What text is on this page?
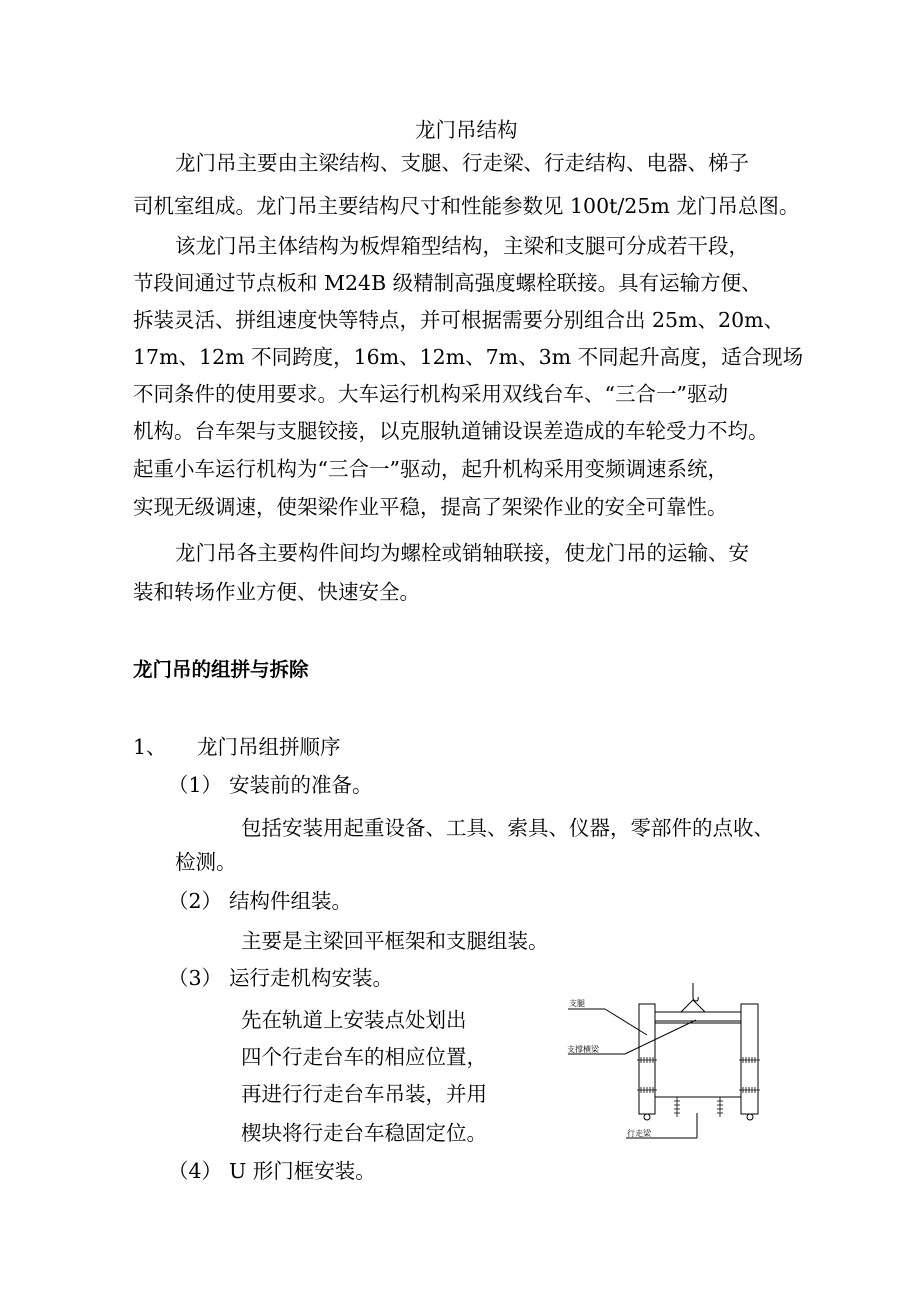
龙门吊结构
龙门吊主要由主梁结构、支腿、行走梁、行走结构、电器、梯子
司机室组成。龙门吊主要结构尺寸和性能参数见 100t/25m 龙门吊总图。
该龙门吊主体结构为板焊箱型结构，主梁和支腿可分成若干段，
节段间通过节点板和 M24B 级精制高强度螺栓联接。具有运输方便、
拆装灵活、拼组速度快等特点，并可根据需要分别组合出 25m、20m、
17m、12m 不同跨度，16m、12m、7m、3m 不同起升高度，适合现场
不同条件的使用要求。大车运行机构采用双线台车、“三合一”驱动
机构。台车架与支腿铰接，以克服轨道铺设误差造成的车轮受力不均。
起重小车运行机构为“三合一”驱动，起升机构采用变频调速系统，
实现无级调速，使架梁作业平稳，提高了架梁作业的安全可靠性。
龙门吊各主要构件间均为螺栓或销轴联接，使龙门吊的运输、安
装和转场作业方便、快速安全。
龙门吊的组拼与拆除
1、 龙门吊组拼顺序
（1） 安装前的准备。
包括安装用起重设备、工具、索具、仪器，零部件的点收、
检测。
（2） 结构件组装。
主要是主梁回平框架和支腿组装。
（3） 运行走机构安装。
先在轨道上安装点处划出
四个行走台车的相应位置，
再进行行走台车吊装，并用
楔块将行走台车稳固定位。
（4） U 形门框安装。
支腿
支撑横梁
行走梁
